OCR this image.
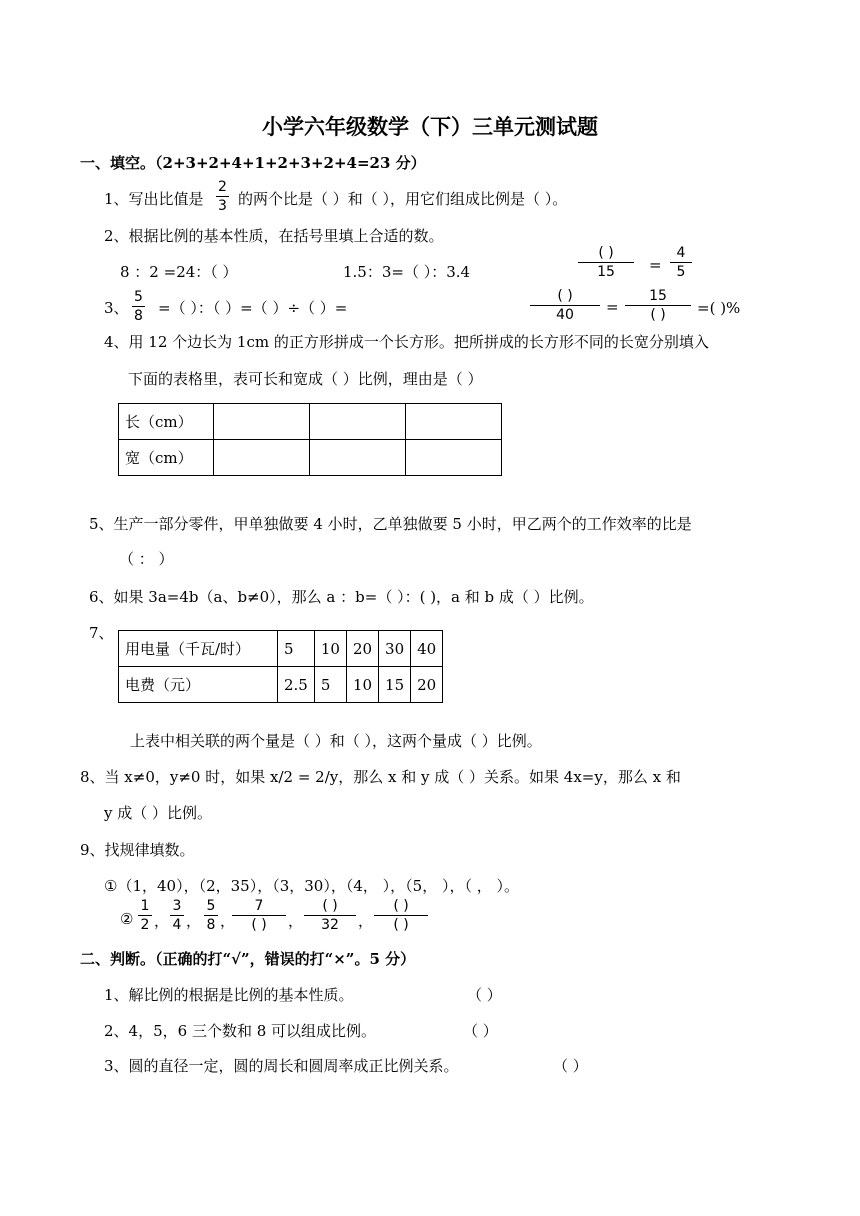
小学六年级数学（下）三单元测试题
一、填空。（2+3+2+4+1+2+3+2+4=23 分）
1、写出比值是 $\frac{2}{3}$ 的两个比是（ ）和（ ），用它们组成比例是（ ）。
2、根据比例的基本性质，在括号里填上合适的数。
8 ：2 =24：（ ）	1.5：3=（ ）：3.4
( )
15	= $\frac{4}{5}$
3、 $\frac{5}{8}$ =（ ）：（ ）=（ ）÷（ ）=
( )
40	=
15
( )	=( )%
4、用 12 个边长为 1cm 的正方形拼成一个长方形。把所拼成的长方形不同的长宽分别填入
下面的表格里，表可长和宽成（ ）比例，理由是（ ）
长（cm）			
宽（cm）			
5、生产一部分零件，甲单独做要 4 小时，乙单独做要 5 小时，甲乙两个的工作效率的比是
（ ： ）
6、如果 3a=4b（a、b≠0），那么 a ：b=（ ）：( )，a 和 b 成（ ）比例。
7、
用电量（千瓦/时）	5	10	20	30	40
电费（元）	2.5	5	10	15	20
上表中相关联的两个量是（ ）和（ ），这两个量成（ ）比例。
8、当 x≠0，y≠0 时，如果 x/2 = 2/y，那么 x 和 y 成（ ）关系。如果 4x=y，那么 x 和
y 成（ ）比例。
9、找规律填数。
①（1，40），（2，35），（3，30），（4， ），（5， ），（ ， ）。
② $\frac{1}{2}$ ， $\frac{3}{4}$ ， $\frac{5}{8}$ ，
7
( )	，
( )
32	，
( )
( )
二、判断。（正确的打“√”，错误的打“×”。5 分）
1、解比例的根据是比例的基本性质。	（ ）
2、4，5，6 三个数和 8 可以组成比例。	（ ）
3、圆的直径一定，圆的周长和圆周率成正比例关系。	（ ）
